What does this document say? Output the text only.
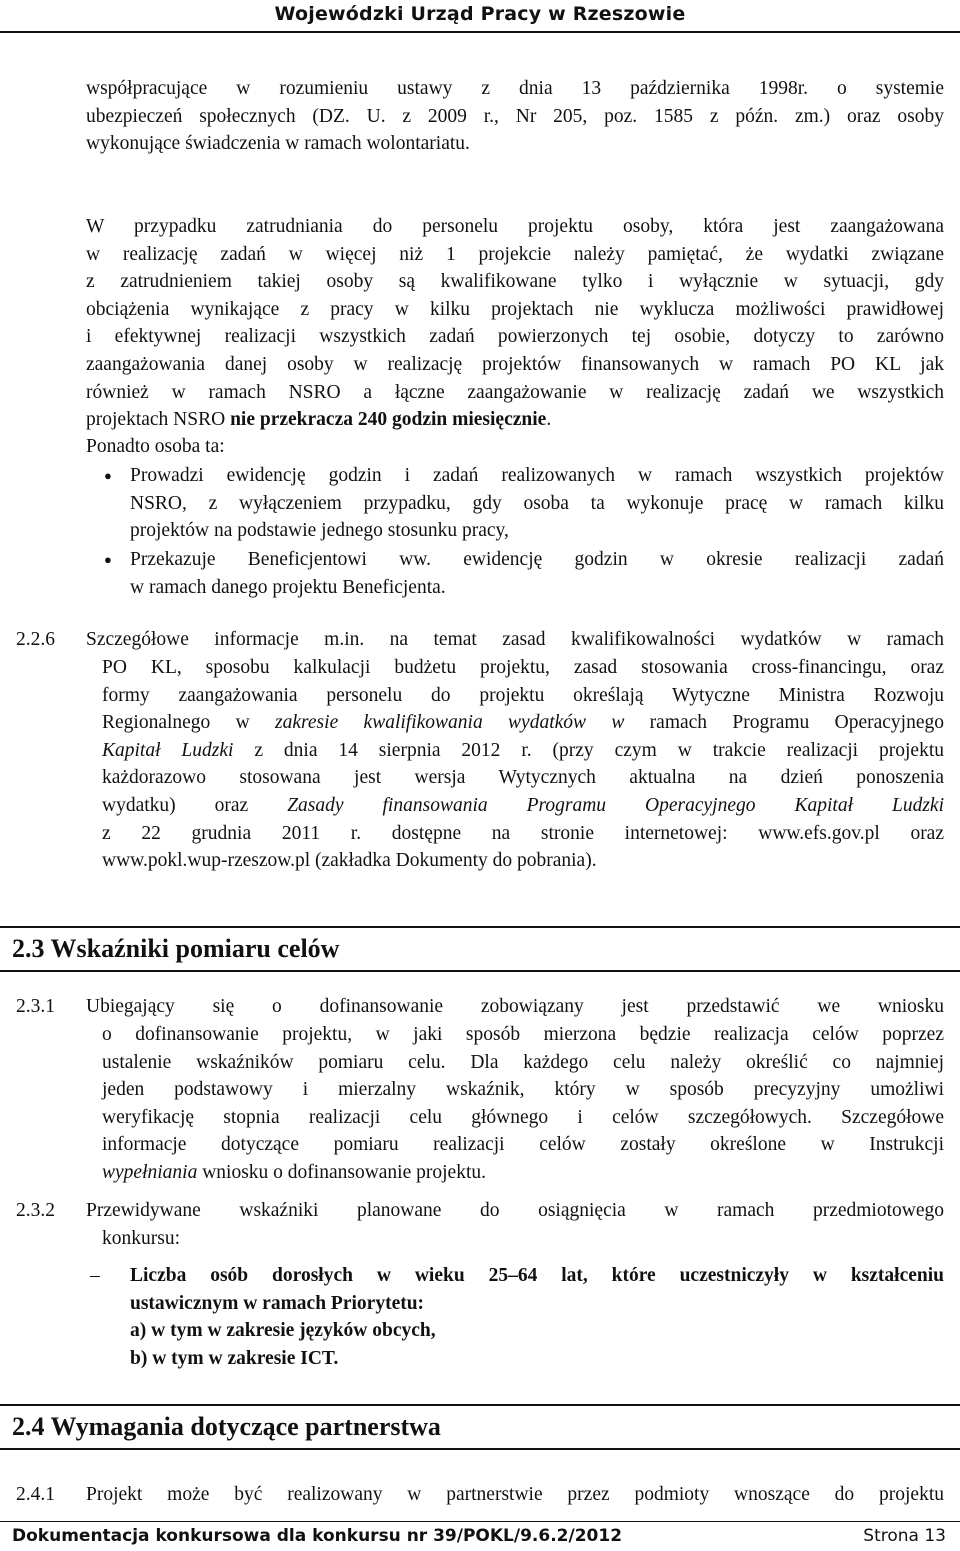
Wojewódzki Urząd Pracy w Rzeszowie
współpracujące w rozumieniu ustawy z dnia 13 października 1998r. o systemie
ubezpieczeń społecznych (DZ. U. z 2009 r., Nr 205, poz. 1585 z późn. zm.) oraz osoby
wykonujące świadczenia w ramach wolontariatu.
W przypadku zatrudniania do personelu projektu osoby, która jest zaangażowana
w realizację zadań w więcej niż 1 projekcie należy pamiętać, że wydatki związane
z zatrudnieniem takiej osoby są kwalifikowane tylko i wyłącznie w sytuacji, gdy
obciążenia wynikające z pracy w kilku projektach nie wyklucza możliwości prawidłowej
i efektywnej realizacji wszystkich zadań powierzonych tej osobie, dotyczy to zarówno
zaangażowania danej osoby w realizację projektów finansowanych w ramach PO KL jak
również w ramach NSRO a łączne zaangażowanie w realizację zadań we wszystkich
projektach NSRO nie przekracza 240 godzin miesięcznie.
Ponadto osoba ta:
● Prowadzi ewidencję godzin i zadań realizowanych w ramach wszystkich projektów
NSRO, z wyłączeniem przypadku, gdy osoba ta wykonuje pracę w ramach kilku
projektów na podstawie jednego stosunku pracy,
● Przekazuje Beneficjentowi ww. ewidencję godzin w okresie realizacji zadań
w ramach danego projektu Beneficjenta.
2.2.6 Szczegółowe informacje m.in. na temat zasad kwalifikowalności wydatków w ramach
PO KL, sposobu kalkulacji budżetu projektu, zasad stosowania cross-financingu, oraz
formy zaangażowania personelu do projektu określają Wytyczne Ministra Rozwoju
Regionalnego w zakresie kwalifikowania wydatków w ramach Programu Operacyjnego
Kapitał Ludzki z dnia 14 sierpnia 2012 r. (przy czym w trakcie realizacji projektu
każdorazowo stosowana jest wersja Wytycznych aktualna na dzień ponoszenia
wydatku) oraz Zasady finansowania Programu Operacyjnego Kapitał Ludzki
z 22 grudnia 2011 r. dostępne na stronie internetowej: www.efs.gov.pl oraz
www.pokl.wup-rzeszow.pl (zakładka Dokumenty do pobrania).
2.3 Wskaźniki pomiaru celów
2.3.1 Ubiegający się o dofinansowanie zobowiązany jest przedstawić we wniosku
o dofinansowanie projektu, w jaki sposób mierzona będzie realizacja celów poprzez
ustalenie wskaźników pomiaru celu. Dla każdego celu należy określić co najmniej
jeden podstawowy i mierzalny wskaźnik, który w sposób precyzyjny umożliwi
weryfikację stopnia realizacji celu głównego i celów szczegółowych. Szczegółowe
informacje dotyczące pomiaru realizacji celów zostały określone w Instrukcji
wypełniania wniosku o dofinansowanie projektu.
2.3.2 Przewidywane wskaźniki planowane do osiągnięcia w ramach przedmiotowego
konkursu:
– Liczba osób dorosłych w wieku 25–64 lat, które uczestniczyły w kształceniu
ustawicznym w ramach Priorytetu:
a) w tym w zakresie języków obcych,
b) w tym w zakresie ICT.
2.4 Wymagania dotyczące partnerstwa
2.4.1 Projekt może być realizowany w partnerstwie przez podmioty wnoszące do projektu
Dokumentacja konkursowa dla konkursu nr 39/POKL/9.6.2/2012	Strona 13
